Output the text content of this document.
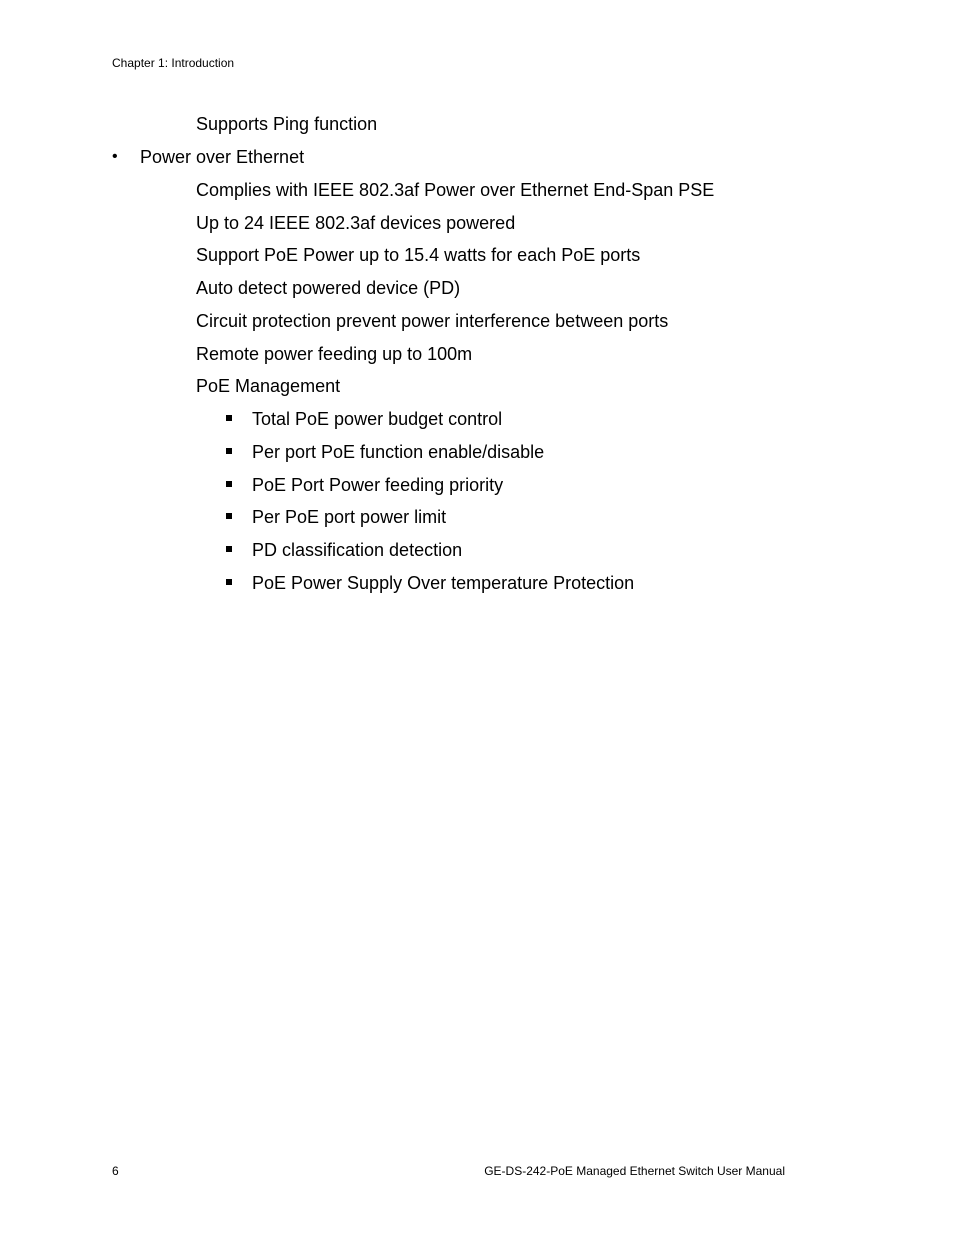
Chapter 1: Introduction
Supports Ping function
• Power over Ethernet
Complies with IEEE 802.3af Power over Ethernet End-Span PSE
Up to 24 IEEE 802.3af devices powered
Support PoE Power up to 15.4 watts for each PoE ports
Auto detect powered device (PD)
Circuit protection prevent power interference between ports
Remote power feeding up to 100m
PoE Management
Total PoE power budget control
Per port PoE function enable/disable
PoE Port Power feeding priority
Per PoE port power limit
PD classification detection
PoE Power Supply Over temperature Protection
6	GE-DS-242-PoE Managed Ethernet Switch User Manual
